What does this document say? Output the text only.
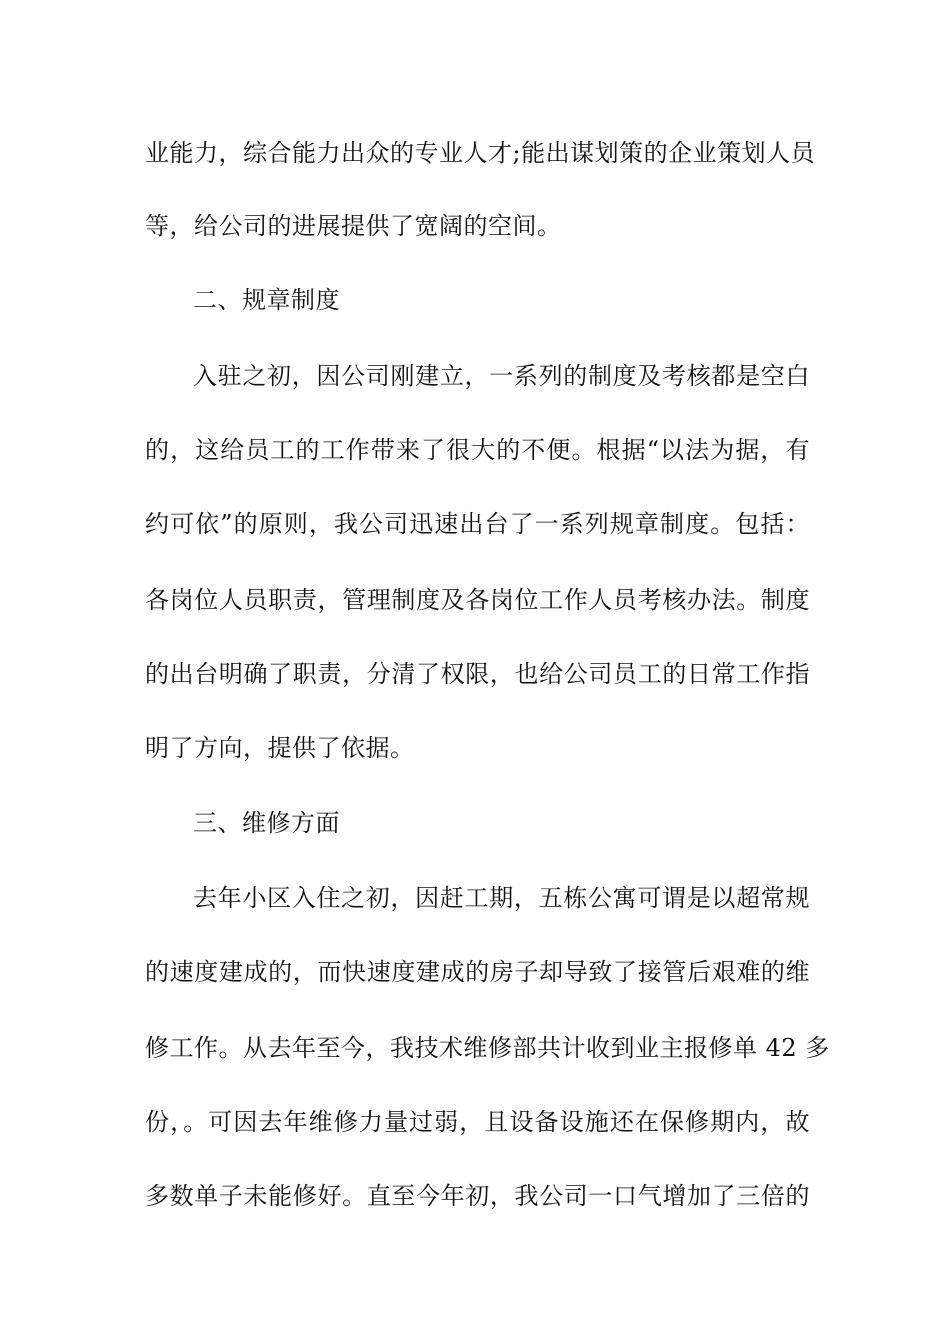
业能力，综合能力出众的专业人才;能出谋划策的企业策划人员

等，给公司的进展提供了宽阔的空间。

二、规章制度

入驻之初，因公司刚建立，一系列的制度及考核都是空白

的，这给员工的工作带来了很大的不便。根据“以法为据，有

约可依”的原则，我公司迅速出台了一系列规章制度。包括：

各岗位人员职责，管理制度及各岗位工作人员考核办法。制度

的出台明确了职责，分清了权限，也给公司员工的日常工作指

明了方向，提供了依据。

三、维修方面

去年小区入住之初，因赶工期，五栋公寓可谓是以超常规

的速度建成的，而快速度建成的房子却导致了接管后艰难的维

修工作。从去年至今，我技术维修部共计收到业主报修单 42 多

份，。可因去年维修力量过弱，且设备设施还在保修期内，故

多数单子未能修好。直至今年初，我公司一口气增加了三倍的
